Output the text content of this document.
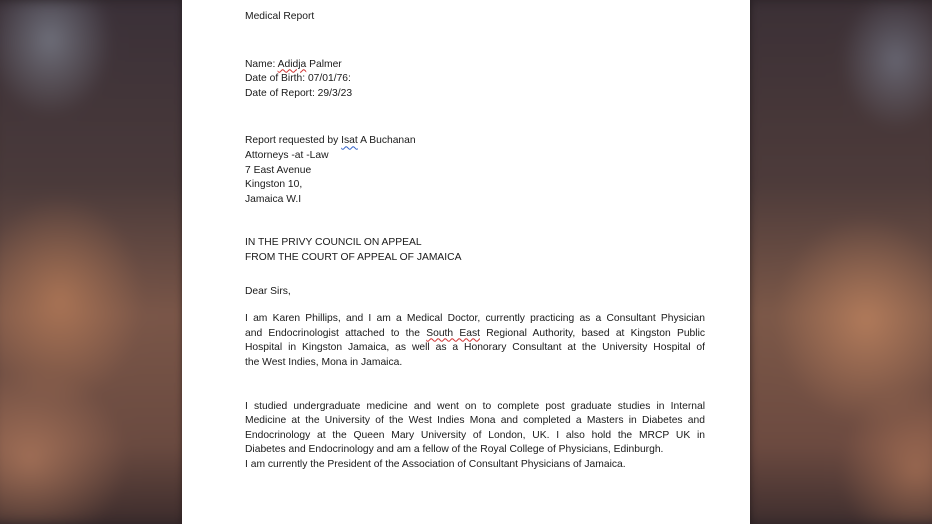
Medical Report
Name: Adidja Palmer
Date of Birth: 07/01/76:
Date of Report: 29/3/23
Report requested by Isat A Buchanan
Attorneys -at -Law
7 East Avenue
Kingston 10,
Jamaica W.I
IN THE PRIVY COUNCIL ON APPEAL
FROM THE COURT OF APPEAL OF JAMAICA
Dear Sirs,
I am Karen Phillips, and I am a Medical Doctor, currently practicing as a Consultant Physician
and Endocrinologist attached to the South East Regional Authority, based at Kingston Public
Hospital in Kingston Jamaica, as well as a Honorary Consultant at the University Hospital of
the West Indies, Mona in Jamaica.
I studied undergraduate medicine and went on to complete post graduate studies in Internal
Medicine at the University of the West Indies Mona and completed a Masters in Diabetes and
Endocrinology at the Queen Mary University of London, UK. I also hold the MRCP UK in
Diabetes and Endocrinology and am a fellow of the Royal College of Physicians, Edinburgh.
I am currently the President of the Association of Consultant Physicians of Jamaica.
